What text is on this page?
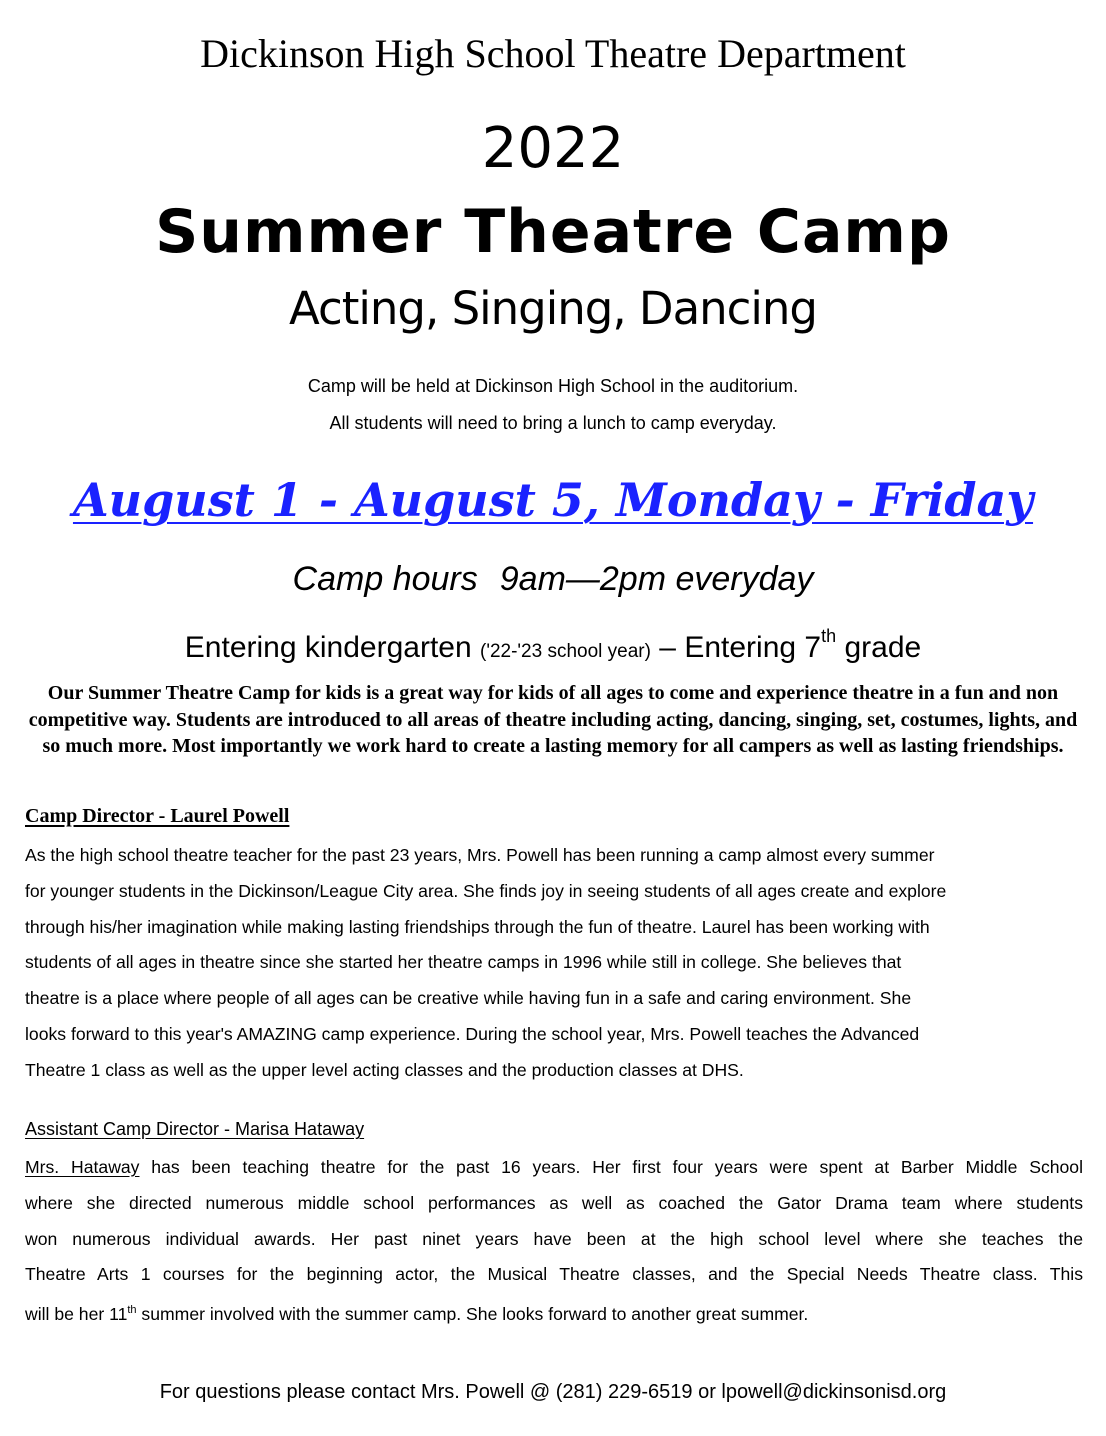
Dickinson High School Theatre Department
2022
Summer Theatre Camp
Acting, Singing, Dancing
Camp will be held at Dickinson High School in the auditorium.
All students will need to bring a lunch to camp everyday.
August 1 - August 5, Monday - Friday
Camp hours 9am—2pm everyday
Entering kindergarten ('22-'23 school year) – Entering 7th grade
Our Summer Theatre Camp for kids is a great way for kids of all ages to come and experience theatre in a fun and non competitive way. Students are introduced to all areas of theatre including acting, dancing, singing, set, costumes, lights, and so much more. Most importantly we work hard to create a lasting memory for all campers as well as lasting friendships.
Camp Director - Laurel Powell

As the high school theatre teacher for the past 23 years, Mrs. Powell has been running a camp almost every summer

for younger students in the Dickinson/League City area. She finds joy in seeing students of all ages create and explore

through his/her imagination while making lasting friendships through the fun of theatre. Laurel has been working with

students of all ages in theatre since she started her theatre camps in 1996 while still in college. She believes that

theatre is a place where people of all ages can be creative while having fun in a safe and caring environment. She

looks forward to this year's AMAZING camp experience. During the school year, Mrs. Powell teaches the Advanced

Theatre 1 class as well as the upper level acting classes and the production classes at DHS.

Assistant Camp Director - Marisa Hataway

Mrs. Hataway has been teaching theatre for the past 16 years. Her first four years were spent at Barber Middle School

where she directed numerous middle school performances as well as coached the Gator Drama team where students

won numerous individual awards. Her past ninet years have been at the high school level where she teaches the

Theatre Arts 1 courses for the beginning actor, the Musical Theatre classes, and the Special Needs Theatre class. This

will be her 11th summer involved with the summer camp. She looks forward to another great summer.

For questions please contact Mrs. Powell @ (281) 229-6519 or lpowell@dickinsonisd.org
